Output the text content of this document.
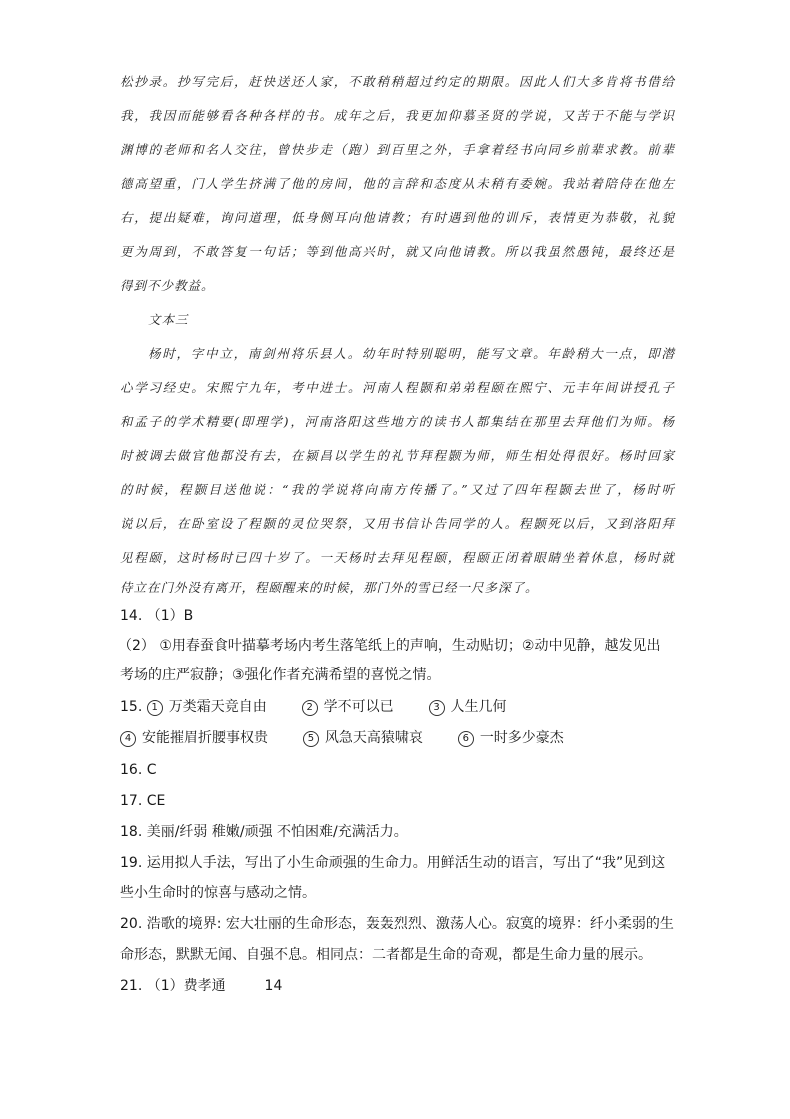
松抄录。抄写完后，赶快送还人家，不敢稍稍超过约定的期限。因此人们大多肯将书借给
我，我因而能够看各种各样的书。成年之后，我更加仰慕圣贤的学说，又苦于不能与学识
渊博的老师和名人交往，曾快步走（跑）到百里之外，手拿着经书向同乡前辈求教。前辈
德高望重，门人学生挤满了他的房间，他的言辞和态度从未稍有委婉。我站着陪侍在他左
右，提出疑难，询问道理，低身侧耳向他请教；有时遇到他的训斥，表情更为恭敬，礼貌
更为周到，不敢答复一句话；等到他高兴时，就又向他请教。所以我虽然愚钝，最终还是
得到不少教益。
文本三
杨时，字中立，南剑州将乐县人。幼年时特别聪明，能写文章。年龄稍大一点，即潜
心学习经史。宋熙宁九年，考中进士。河南人程颢和弟弟程颐在熙宁、元丰年间讲授孔子
和孟子的学术精要(即理学)，河南洛阳这些地方的读书人都集结在那里去拜他们为师。杨
时被调去做官他都没有去，在颍昌以学生的礼节拜程颢为师，师生相处得很好。杨时回家
的时候，程颢目送他说：“我的学说将向南方传播了。”又过了四年程颢去世了，杨时听
说以后，在卧室设了程颢的灵位哭祭，又用书信讣告同学的人。程颢死以后，又到洛阳拜
见程颐，这时杨时已四十岁了。一天杨时去拜见程颐，程颐正闭着眼睛坐着休息，杨时就
侍立在门外没有离开，程颐醒来的时候，那门外的雪已经一尺多深了。
14. （1）B
（2） ①用春蚕食叶描摹考场内考生落笔纸上的声响，生动贴切；②动中见静，越发见出
考场的庄严寂静；③强化作者充满希望的喜悦之情。
15. 1 万类霜天竞自由	2 学不可以已	3 人生几何
4 安能摧眉折腰事权贵	5 风急天高猿啸哀	6 一时多少豪杰
16. C
17. CE
18. 美丽/纤弱 稚嫩/顽强 不怕困难/充满活力。
19. 运用拟人手法，写出了小生命顽强的生命力。用鲜活生动的语言，写出了“我”见到这
些小生命时的惊喜与感动之情。
20. 浩歌的境界: 宏大壮丽的生命形态，轰轰烈烈、激荡人心。寂寞的境界：纤小柔弱的生
命形态，默默无闻、自强不息。相同点：二者都是生命的奇观，都是生命力量的展示。
21. （1）费孝通	14
